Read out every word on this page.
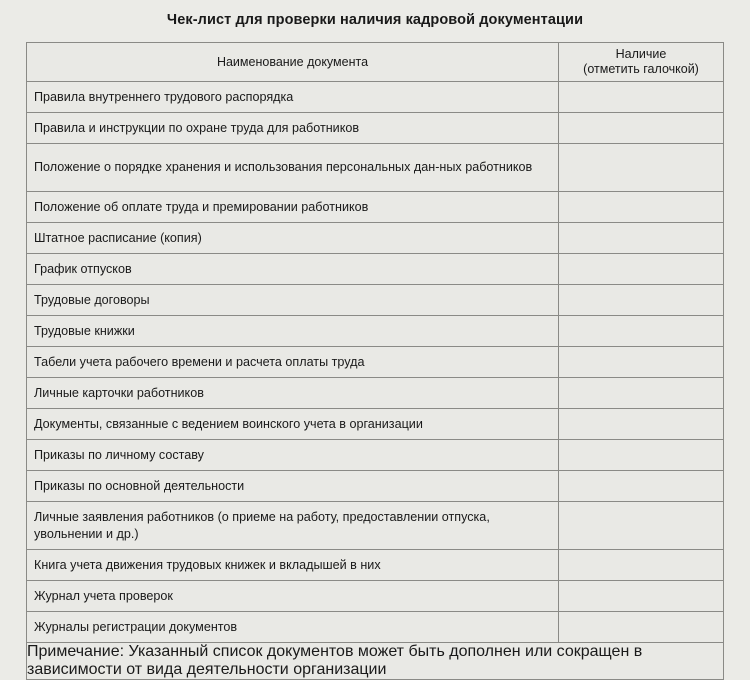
Чек-лист для проверки наличия кадровой документации
Наименование документа	Наличие
(отметить галочкой)

Правила внутреннего трудового распорядка	
Правила и инструкции по охране труда для работников	
Положение о порядке хранения и использования персональных дан-ных работников	
Положение об оплате труда и премировании работников	
Штатное расписание (копия)	
График отпусков	
Трудовые договоры	
Трудовые книжки	
Табели учета рабочего времени и расчета оплаты труда	
Личные карточки работников	
Документы, связанные с ведением воинского учета в организации	
Приказы по личному составу	
Приказы по основной деятельности	
Личные заявления работников (о приеме на работу, предоставлении отпуска, увольнении и др.)	
Книга учета движения трудовых книжек и вкладышей в них	
Журнал учета проверок	
Журналы регистрации документов	
Примечание: Указанный список документов может быть дополнен или сокращен в зависимости от вида деятельности организации	
